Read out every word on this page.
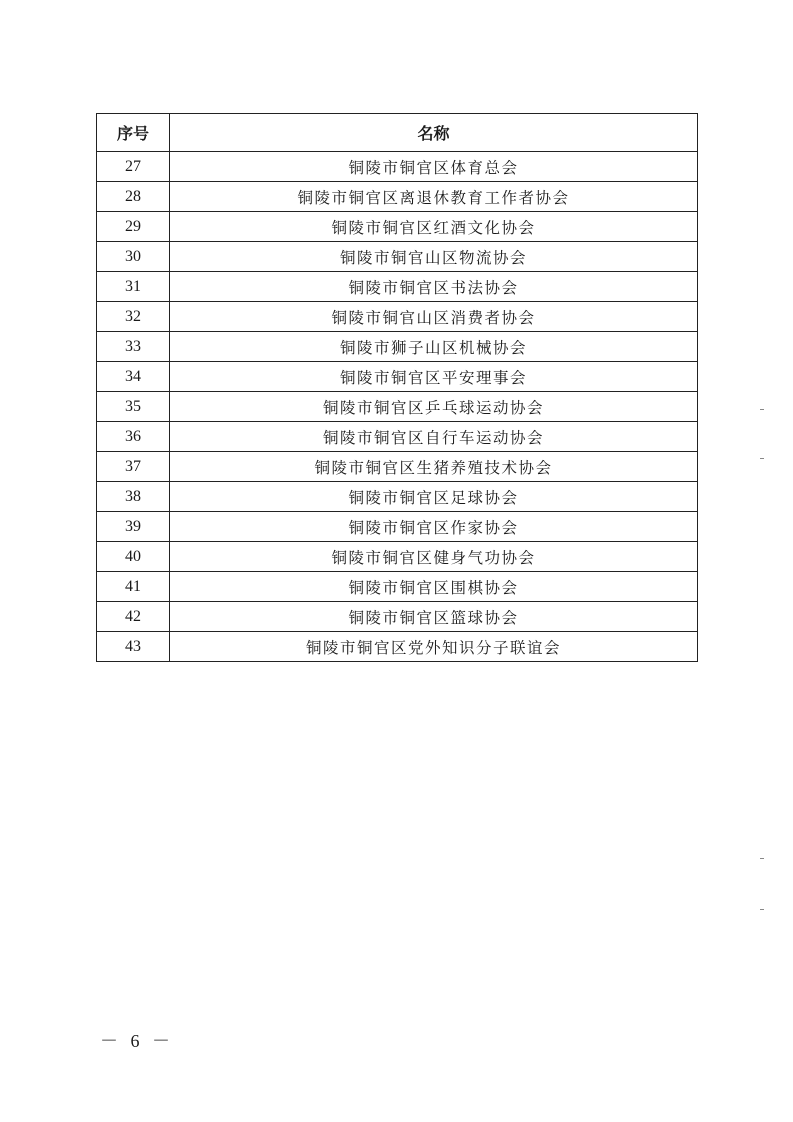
序号	名称
27	铜陵市铜官区体育总会
28	铜陵市铜官区离退休教育工作者协会
29	铜陵市铜官区红酒文化协会
30	铜陵市铜官山区物流协会
31	铜陵市铜官区书法协会
32	铜陵市铜官山区消费者协会
33	铜陵市狮子山区机械协会
34	铜陵市铜官区平安理事会
35	铜陵市铜官区乒乓球运动协会
36	铜陵市铜官区自行车运动协会
37	铜陵市铜官区生猪养殖技术协会
38	铜陵市铜官区足球协会
39	铜陵市铜官区作家协会
40	铜陵市铜官区健身气功协会
41	铜陵市铜官区围棋协会
42	铜陵市铜官区篮球协会
43	铜陵市铜官区党外知识分子联谊会
－ 6 －
